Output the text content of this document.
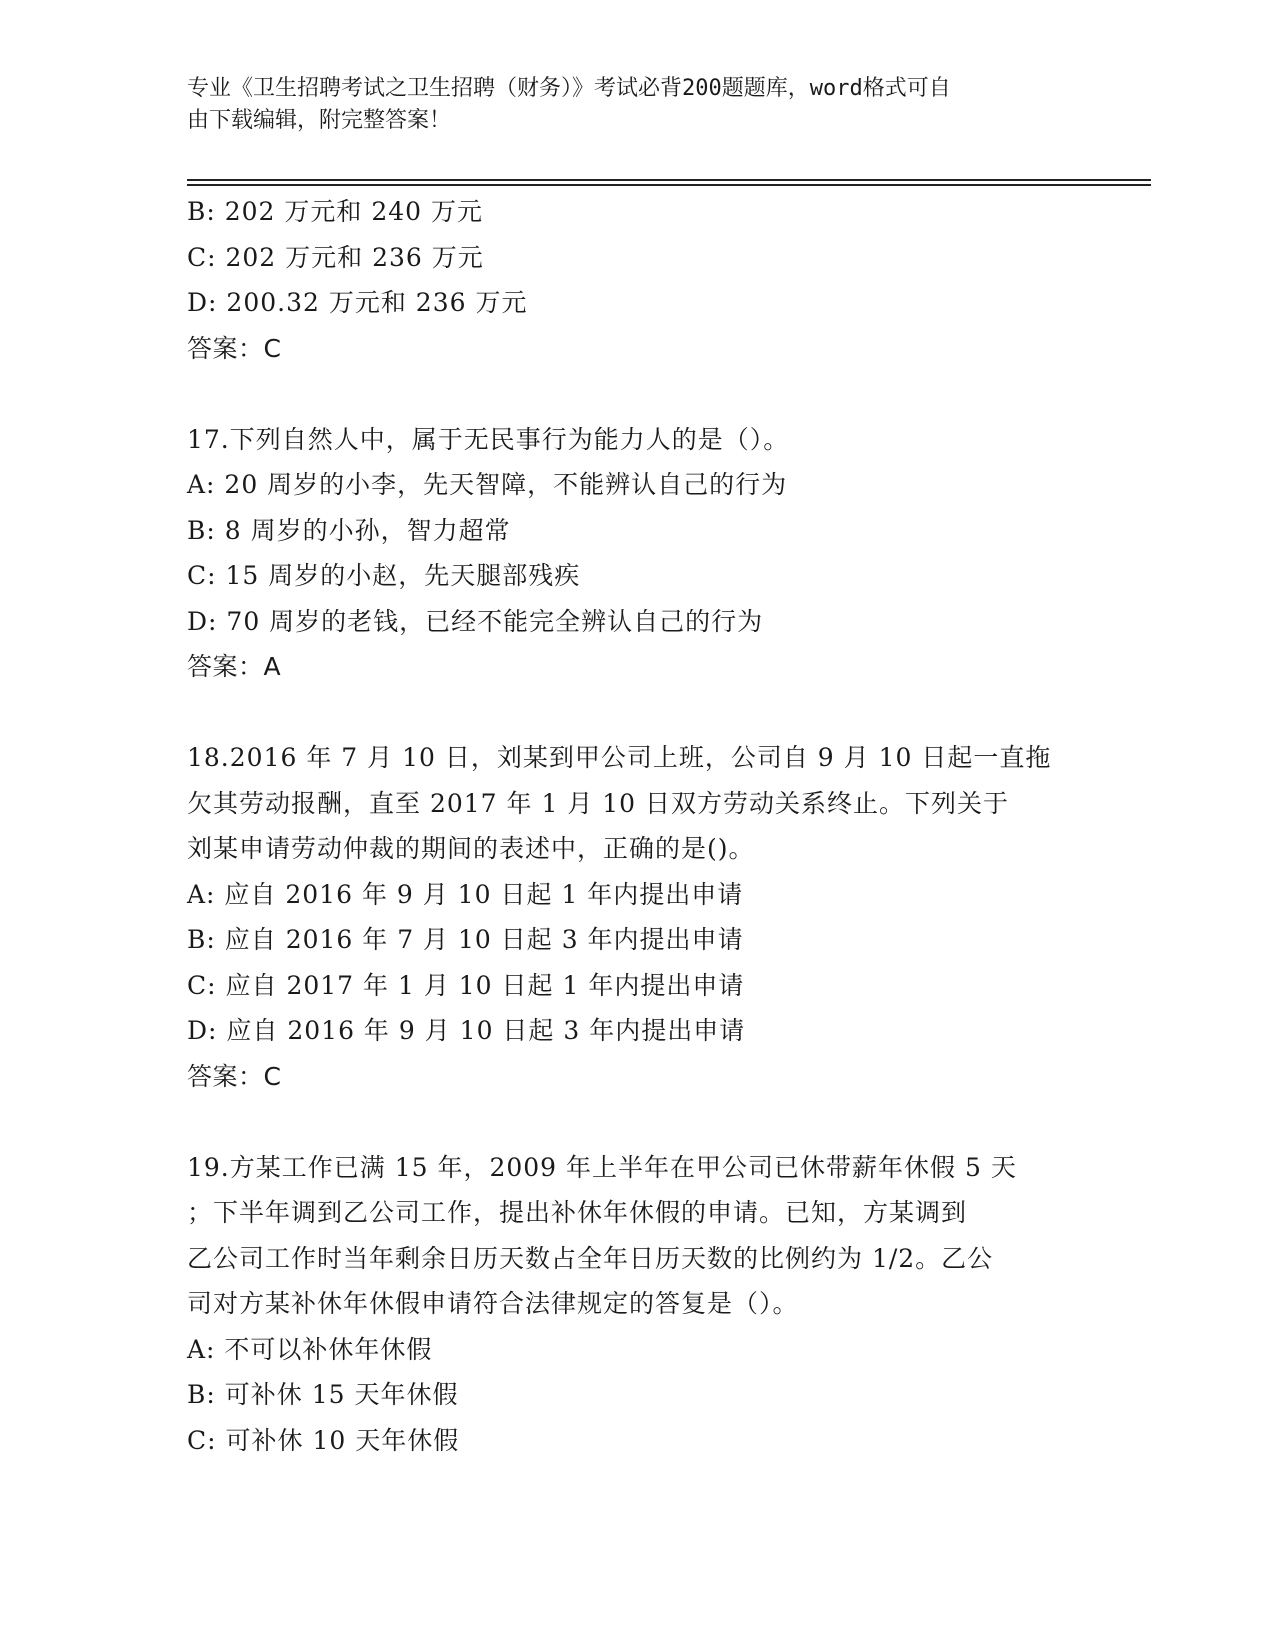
专业《卫生招聘考试之卫生招聘（财务）》考试必背200题题库，word格式可自

由下载编辑，附完整答案！

B: 202 万元和 240 万元
C: 202 万元和 236 万元
D: 200.32 万元和 236 万元
答案：C
17.下列自然人中，属于无民事行为能力人的是（）。
A: 20 周岁的小李，先天智障，不能辨认自己的行为
B: 8 周岁的小孙，智力超常
C: 15 周岁的小赵，先天腿部残疾
D: 70 周岁的老钱，已经不能完全辨认自己的行为
答案：A
18.2016 年 7 月 10 日，刘某到甲公司上班，公司自 9 月 10 日起一直拖
欠其劳动报酬，直至 2017 年 1 月 10 日双方劳动关系终止。下列关于
刘某申请劳动仲裁的期间的表述中，正确的是()。
A: 应自 2016 年 9 月 10 日起 1 年内提出申请
B: 应自 2016 年 7 月 10 日起 3 年内提出申请
C: 应自 2017 年 1 月 10 日起 1 年内提出申请
D: 应自 2016 年 9 月 10 日起 3 年内提出申请
答案：C
19.方某工作已满 15 年，2009 年上半年在甲公司已休带薪年休假 5 天
；下半年调到乙公司工作，提出补休年休假的申请。已知，方某调到
乙公司工作时当年剩余日历天数占全年日历天数的比例约为 1/2。乙公
司对方某补休年休假申请符合法律规定的答复是（）。
A: 不可以补休年休假
B: 可补休 15 天年休假
C: 可补休 10 天年休假
